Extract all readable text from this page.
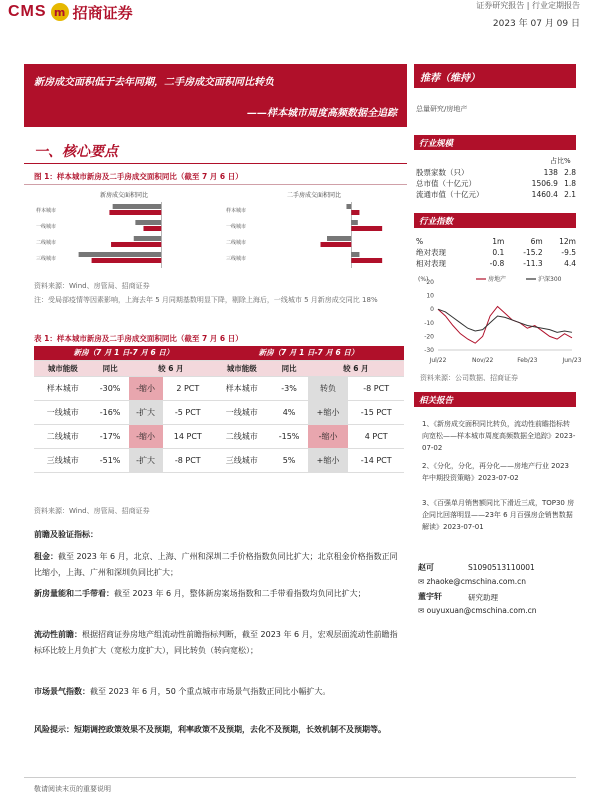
CMS m 招商证券	证券研究报告 | 行业定期报告
2023 年 07 月 09 日
新房成交面积低于去年同期，二手房成交面积同比转负
——样本城市周度高频数据全追踪
推荐（维持）
总量研究/房地产
一、核心要点
图 1：样本城市新房及二手房成交面积同比（截至 7 月 6 日）
新房成交面积同比
样本城市
一线城市
二线城市
三线城市
二手房成交面积同比
样本城市
一线城市
二线城市
三线城市
资料来源：Wind、房管局、招商证券
注：受局部疫情等因素影响，上海去年 5 月同期基数明显下降，剔除上海后，一线城市 5 月新房成交同比 18%
表 1：样本城市新房及二手房成交面积同比（截至 7 月 6 日）
新房（7 月 1 日-7 月 6 日）				新房（7 月 1 日-7 月 6 日）			
城市能级	同比	较 6 月		城市能级	同比	较 6 月	
样本城市	-30%	-缩小	2 PCT	样本城市	-3%	转负	-8 PCT
一线城市	-16%	-扩大	-5 PCT	一线城市	4%	+缩小	-15 PCT
二线城市	-17%	-缩小	14 PCT	二线城市	-15%	-缩小	4 PCT
三线城市	-51%	-扩大	-8 PCT	三线城市	5%	+缩小	-14 PCT
资料来源：Wind、房管局、招商证券
前瞻及验证指标：
租金：截至 2023 年 6 月，北京、上海、广州和深圳二手价格指数负同比扩大；北京租金价格指数正同比缩小，上海、广州和深圳负同比扩大；
新房量能和二手带看：截至 2023 年 6 月，整体新房案场指数和二手带看指数均负同比扩大；
流动性前瞻：根据招商证券房地产组流动性前瞻指标判断，截至 2023 年 6 月，宏观层面流动性前瞻指标环比较上月负扩大（宽松力度扩大），同比转负（转向宽松）；
市场景气指数：截至 2023 年 6 月，50 个重点城市市场景气指数正同比小幅扩大。
风险提示：短期调控政策效果不及预期，利率政策不及预期，去化不及预期，长效机制不及预期等。
行业规模
占比%
股票家数（只）	138	2.8
总市值（十亿元）	1506.9	1.8
流通市值（十亿元）	1460.4	2.1
行业指数
%	1m	6m	12m
绝对表现	0.1	-15.2	-9.5
相对表现	-0.8	-11.3	4.4
(%)
20
10
0
-10
-20
-30
Jul/22	Nov/22	Feb/23	Jun/23
房地产	沪深300
资料来源：公司数据、招商证券
相关报告
1、《新房成交面积同比转负，流动性前瞻指标转向宽松——样本城市周度高频数据全追踪》2023-07-02
2、《分化，分化，再分化——房地产行业 2023 年中期投资策略》2023-07-02
3、《百强单月销售额同比下滑近三成，TOP30 房企同比回落明显——23年 6 月百强房企销售数据解读》2023-07-01
赵可	S1090513110001
✉ zhaoke@cmschina.com.cn
董宇轩	研究助理
✉ ouyuxuan@cmschina.com.cn
敬请阅读末页的重要说明
